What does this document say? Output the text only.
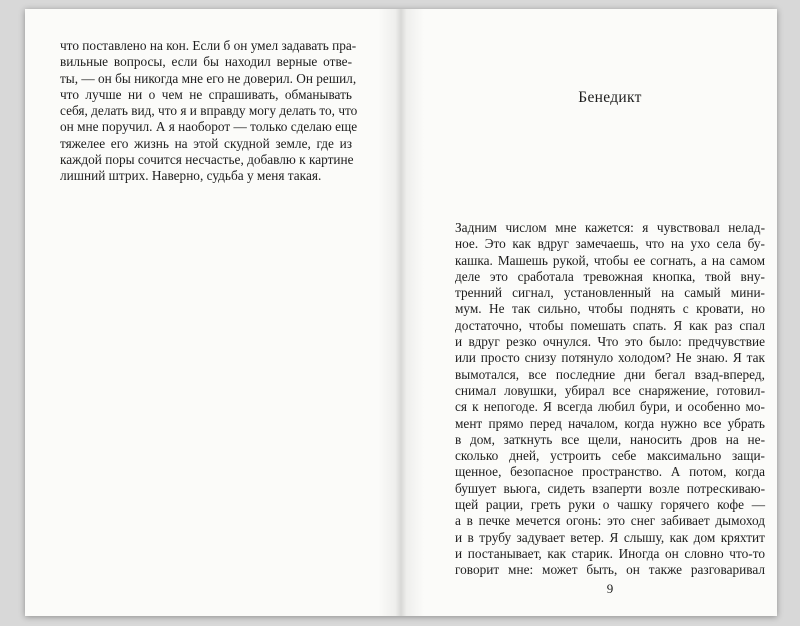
что поставлено на кон. Если б он умел задавать пра-
вильные вопросы, если бы находил верные отве-
ты, — он бы никогда мне его не доверил. Он решил,
что лучше ни о чем не спрашивать, обманывать
себя, делать вид, что я и вправду могу делать то, что
он мне поручил. А я наоборот — только сделаю еще
тяжелее его жизнь на этой скудной земле, где из
каждой поры сочится несчастье, добавлю к картине
лишний штрих. Наверно, судьба у меня такая.
Бенедикт
Задним числом мне кажется: я чувствовал нелад-
ное. Это как вдруг замечаешь, что на ухо села бу-
кашка. Машешь рукой, чтобы ее согнать, а на самом
деле это сработала тревожная кнопка, твой вну-
тренний сигнал, установленный на самый мини-
мум. Не так сильно, чтобы поднять с кровати, но
достаточно, чтобы помешать спать. Я как раз спал
и вдруг резко очнулся. Что это было: предчувствие
или просто снизу потянуло холодом? Не знаю. Я так
вымотался, все последние дни бегал взад-вперед,
снимал ловушки, убирал все снаряжение, готовил-
ся к непогоде. Я всегда любил бури, и особенно мо-
мент прямо перед началом, когда нужно все убрать
в дом, заткнуть все щели, наносить дров на не-
сколько дней, устроить себе максимально защи-
щенное, безопасное пространство. А потом, когда
бушует вьюга, сидеть взаперти возле потрескиваю-
щей рации, греть руки о чашку горячего кофе —
а в печке мечется огонь: это снег забивает дымоход
и в трубу задувает ветер. Я слышу, как дом кряхтит
и постанывает, как старик. Иногда он словно что-то
говорит мне: может быть, он также разговаривал
9
